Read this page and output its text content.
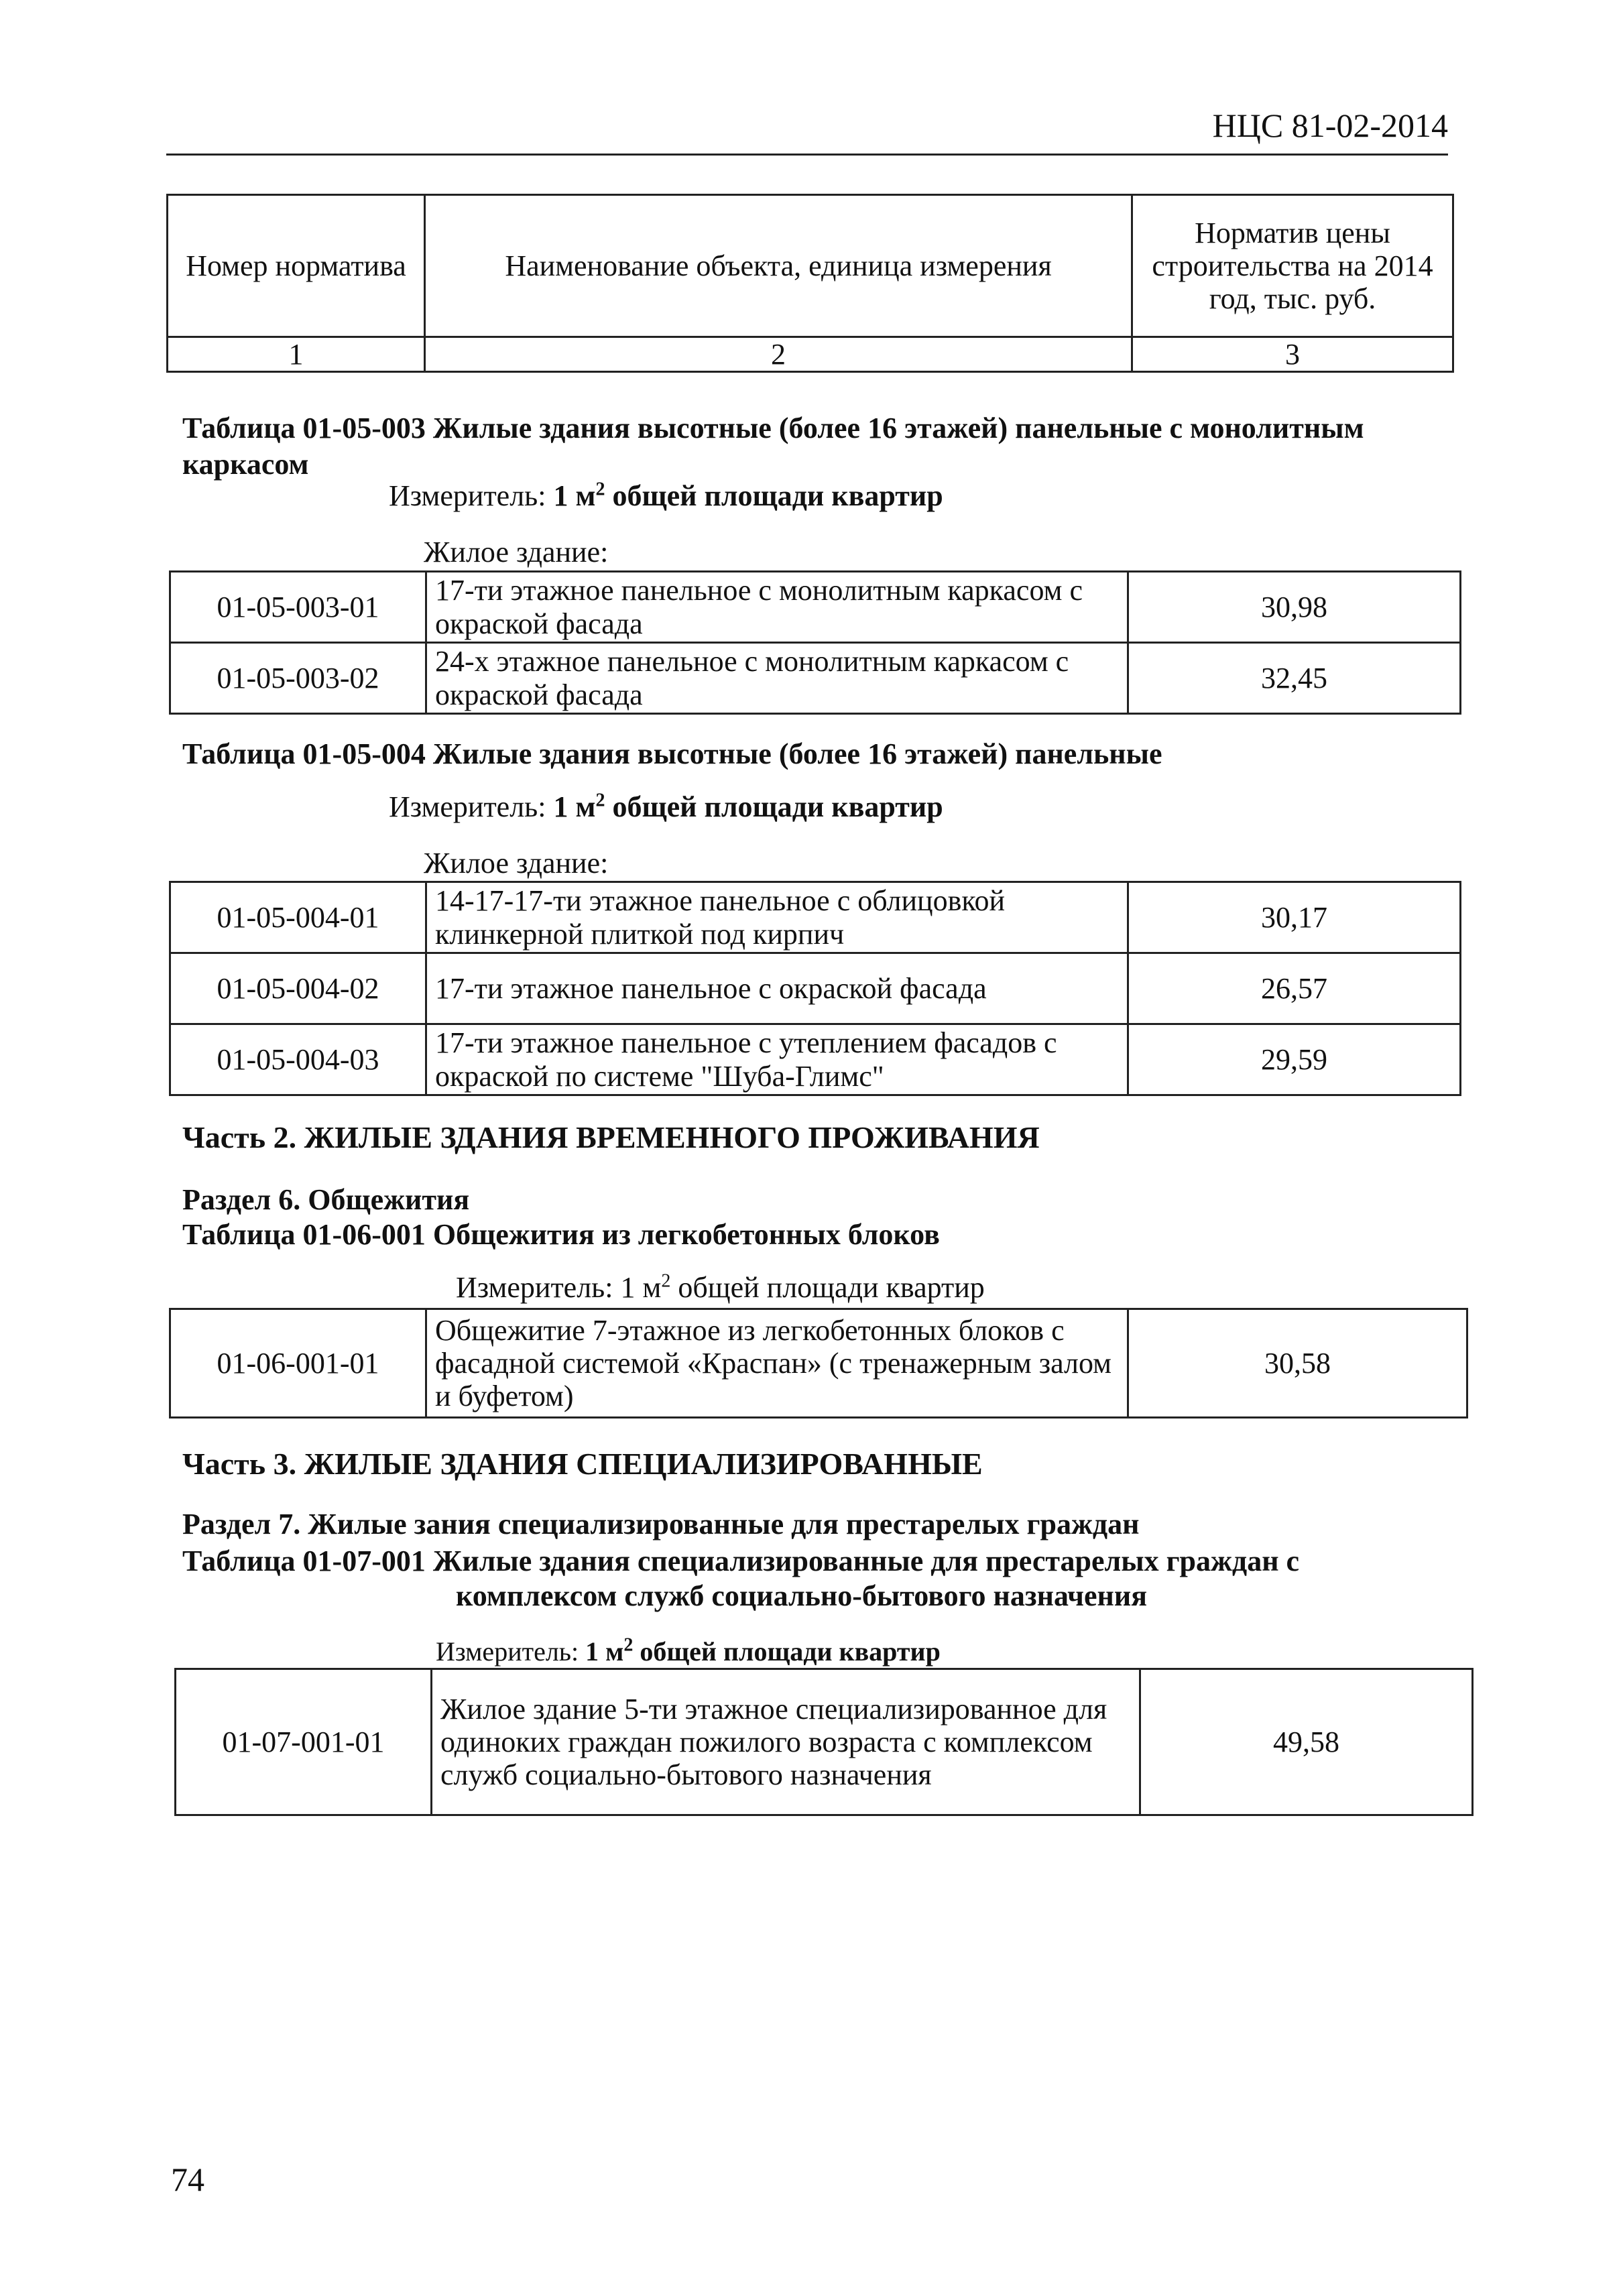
НЦС 81-02-2014
Номер норматива	Наименование объекта, единица измерения	Норматив цены строительства на 2014 год, тыс. руб.
1	2	3
Таблица 01-05-003 Жилые здания высотные (более 16 этажей) панельные с монолитным каркасом
Измеритель: 1 $м^2$ общей площади квартир
Жилое здание:
01-05-003-01	17-ти этажное панельное с монолитным каркасом с окраской фасада	30,98
01-05-003-02	24-х этажное панельное с монолитным каркасом с окраской фасада	32,45
Таблица 01-05-004 Жилые здания высотные (более 16 этажей) панельные
Измеритель: 1 $м^2$ общей площади квартир
Жилое здание:
01-05-004-01	14-17-17-ти этажное панельное с облицовкой клинкерной плиткой под кирпич	30,17
01-05-004-02	17-ти этажное панельное с окраской фасада	26,57
01-05-004-03	17-ти этажное панельное с утеплением фасадов с окраской по системе "Шуба-Глимс"	29,59
Часть 2. ЖИЛЫЕ ЗДАНИЯ ВРЕМЕННОГО ПРОЖИВАНИЯ
Раздел 6. Общежития
Таблица 01-06-001 Общежития из легкобетонных блоков
Измеритель: 1 $м^2$ общей площади квартир
01-06-001-01	Общежитие 7-этажное из легкобетонных блоков с фасадной системой «Краспан» (с тренажерным залом и буфетом)	30,58
Часть 3. ЖИЛЫЕ ЗДАНИЯ СПЕЦИАЛИЗИРОВАННЫЕ
Раздел 7. Жилые зания специализированные для престарелых граждан
Таблица 01-07-001 Жилые здания специализированные для престарелых граждан с
комплексом служб социально-бытового назначения
Измеритель: 1 $м^2$ общей площади квартир
01-07-001-01	Жилое здание 5-ти этажное специализированное для одиноких граждан пожилого возраста с комплексом служб социально-бытового назначения	49,58
74
